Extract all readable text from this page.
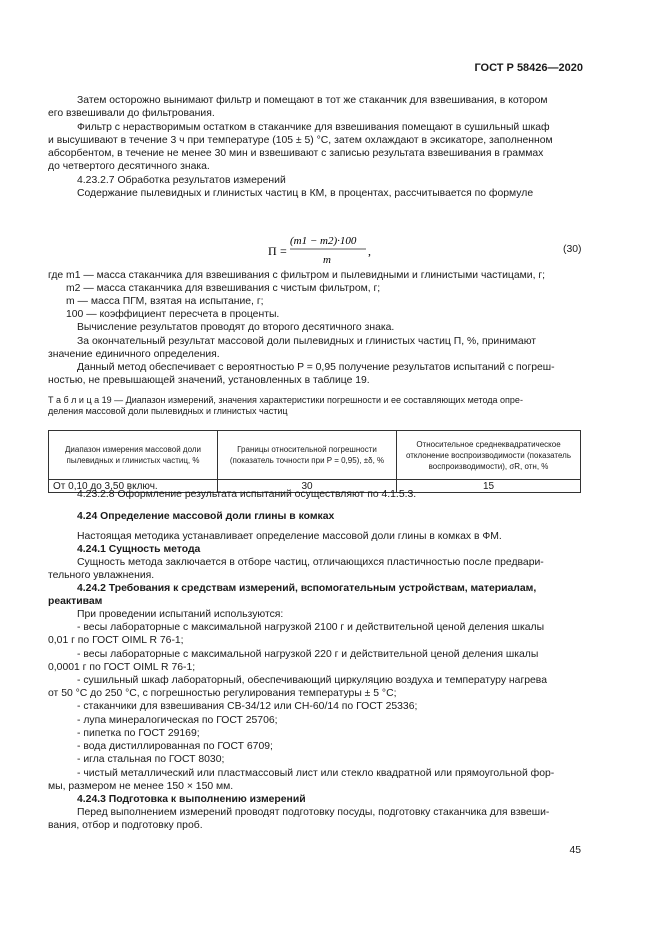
ГОСТ Р 58426—2020
Затем осторожно вынимают фильтр и помещают в тот же стаканчик для взвешивания, в котором
его взвешивали до фильтрования.
Фильтр с нерастворимым остатком в стаканчике для взвешивания помещают в сушильный шкаф
и высушивают в течение 3 ч при температуре (105 ± 5) °С, затем охлаждают в эксикаторе, заполненном
абсорбентом, в течение не менее 30 мин и взвешивают с записью результата взвешивания в граммах
до четвертого десятичного знака.
4.23.2.7 Обработка результатов измерений
Содержание пылевидных и глинистых частиц в КМ, в процентах, рассчитывается по формуле
П =
(m1 − m2)·100
m
,	(30)
где m1 — масса стаканчика для взвешивания с фильтром и пылевидными и глинистыми частицами, г;
m2 — масса стаканчика для взвешивания с чистым фильтром, г;
m — масса ПГМ, взятая на испытание, г;
100 — коэффициент пересчета в проценты.
Вычисление результатов проводят до второго десятичного знака.
За окончательный результат массовой доли пылевидных и глинистых частиц П, %, принимают
значение единичного определения.
Данный метод обеспечивает с вероятностью P = 0,95 получение результатов испытаний с погреш-
ностью, не превышающей значений, установленных в таблице 19.
Т а б л и ц а 19 — Диапазон измерений, значения характеристики погрешности и ее составляющих метода опре-
деления массовой доли пылевидных и глинистых частиц
Диапазон измерения массовой доли пылевидных и глинистых частиц, %	Границы относительной погрешности (показатель точности при P = 0,95), ±δ, %	Относительное среднеквадратическое отклонение воспроизводимости (показатель воспроизводимости), σR, отн, %
От 0,10 до 3,50 включ.	30	15
4.23.2.8 Оформление результата испытаний осуществляют по 4.1.5.3.
4.24 Определение массовой доли глины в комках
Настоящая методика устанавливает определение массовой доли глины в комках в ФМ.
4.24.1 Сущность метода
Сущность метода заключается в отборе частиц, отличающихся пластичностью после предвари-
тельного увлажнения.
4.24.2 Требования к средствам измерений, вспомогательным устройствам, материалам,
реактивам
При проведении испытаний используются:
- весы лабораторные с максимальной нагрузкой 2100 г и действительной ценой деления шкалы
0,01 г по ГОСТ OIML R 76-1;
- весы лабораторные с максимальной нагрузкой 220 г и действительной ценой деления шкалы
0,0001 г по ГОСТ OIML R 76-1;
- сушильный шкаф лабораторный, обеспечивающий циркуляцию воздуха и температуру нагрева
от 50 °С до 250 °С, с погрешностью регулирования температуры ± 5 °С;
- стаканчики для взвешивания СВ-34/12 или СН-60/14 по ГОСТ 25336;
- лупа минералогическая по ГОСТ 25706;
- пипетка по ГОСТ 29169;
- вода дистиллированная по ГОСТ 6709;
- игла стальная по ГОСТ 8030;
- чистый металлический или пластмассовый лист или стекло квадратной или прямоугольной фор-
мы, размером не менее 150 × 150 мм.
4.24.3 Подготовка к выполнению измерений
Перед выполнением измерений проводят подготовку посуды, подготовку стаканчика для взвеши-
вания, отбор и подготовку проб.
45
